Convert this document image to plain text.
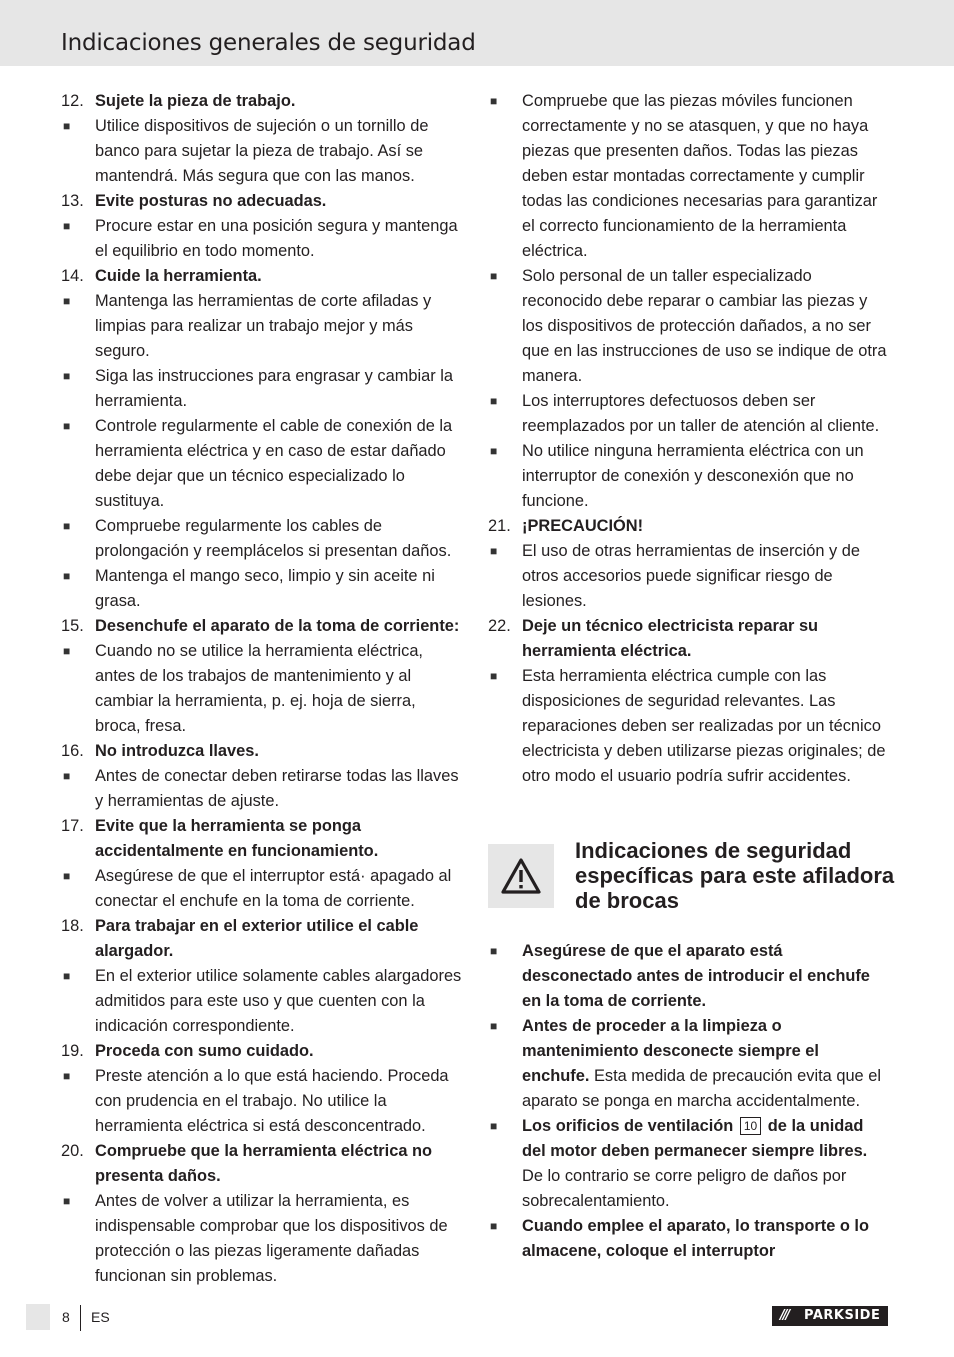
Indicaciones generales de seguridad
12. Sujete la pieza de trabajo.
■ Utilice dispositivos de sujeción o un tornillo de banco para sujetar la pieza de trabajo. Así se mantendrá. Más segura que con las manos.
13. Evite posturas no adecuadas.
■ Procure estar en una posición segura y mantenga el equilibrio en todo momento.
14. Cuide la herramienta.
■ Mantenga las herramientas de corte afiladas y limpias para realizar un trabajo mejor y más seguro.
■ Siga las instrucciones para engrasar y cambiar la herramienta.
■ Controle regularmente el cable de conexión de la herramienta eléctrica y en caso de estar dañado debe dejar que un técnico especializado lo sustituya.
■ Compruebe regularmente los cables de prolongación y reemplácelos si presentan daños.
■ Mantenga el mango seco, limpio y sin aceite ni grasa.
15. Desenchufe el aparato de la toma de corriente:
■ Cuando no se utilice la herramienta eléctrica, antes de los trabajos de mantenimiento y al cambiar la herramienta, p. ej. hoja de sierra, broca, fresa.
16. No introduzca llaves.
■ Antes de conectar deben retirarse todas las llaves y herramientas de ajuste.
17. Evite que la herramienta se ponga accidentalmente en funcionamiento.
■ Asegúrese de que el interruptor está· apagado al conectar el enchufe en la toma de corriente.
18. Para trabajar en el exterior utilice el cable alargador.
■ En el exterior utilice solamente cables alargadores admitidos para este uso y que cuenten con la indicación correspondiente.
19. Proceda con sumo cuidado.
■ Preste atención a lo que está haciendo. Proceda con prudencia en el trabajo. No utilice la herramienta eléctrica si está desconcentrado.
20. Compruebe que la herramienta eléctrica no presenta daños.
■ Antes de volver a utilizar la herramienta, es indispensable comprobar que los dispositivos de protección o las piezas ligeramente dañadas funcionan sin problemas.
■ Compruebe que las piezas móviles funcionen correctamente y no se atasquen, y que no haya piezas que presenten daños. Todas las piezas deben estar montadas correctamente y cumplir todas las condiciones necesarias para garantizar el correcto funcionamiento de la herramienta eléctrica.
■ Solo personal de un taller especializado reconocido debe reparar o cambiar las piezas y los dispositivos de protección dañados, a no ser que en las instrucciones de uso se indique de otra manera.
■ Los interruptores defectuosos deben ser reemplazados por un taller de atención al cliente.
■ No utilice ninguna herramienta eléctrica con un interruptor de conexión y desconexión que no funcione.
21. ¡PRECAUCIÓN!
■ El uso de otras herramientas de inserción y de otros accesorios puede significar riesgo de lesiones.
22. Deje un técnico electricista reparar su herramienta eléctrica.
■ Esta herramienta eléctrica cumple con las disposiciones de seguridad relevantes. Las reparaciones deben ser realizadas por un técnico electricista y deben utilizarse piezas originales; de otro modo el usuario podría sufrir accidentes.
Indicaciones de seguridad específicas para este afiladora de brocas
■ Asegúrese de que el aparato está desconectado antes de introducir el enchufe en la toma de corriente.
■ Antes de proceder a la limpieza o mantenimiento desconecte siempre el enchufe. Esta medida de precaución evita que el aparato se ponga en marcha accidentalmente.
■ Los orificios de ventilación 10 de la unidad del motor deben permanecer siempre libres. De lo contrario se corre peligro de daños por sobrecalentamiento.
■ Cuando emplee el aparato, lo transporte o lo almacene, coloque el interruptor
8 ES	/// PARKSIDE
